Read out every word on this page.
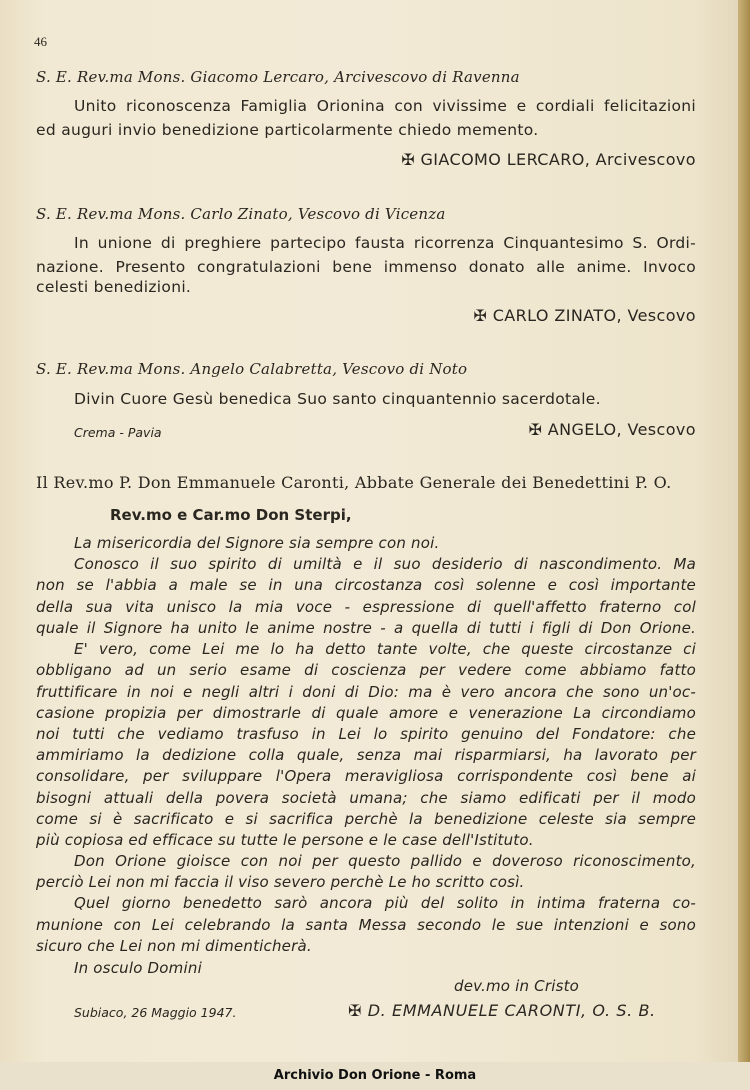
46
S. E. Rev.ma Mons. Giacomo Lercaro, Arcivescovo di Ravenna
Unito riconoscenza Famiglia Orionina con vivissime e cordiali felicitazioni
ed auguri invio benedizione particolarmente chiedo memento.
✠ GIACOMO LERCARO, Arcivescovo
S. E. Rev.ma Mons. Carlo Zinato, Vescovo di Vicenza
In unione di preghiere partecipo fausta ricorrenza Cinquantesimo S. Ordi-
nazione. Presento congratulazioni bene immenso donato alle anime. Invoco
celesti benedizioni.
✠ CARLO ZINATO, Vescovo
S. E. Rev.ma Mons. Angelo Calabretta, Vescovo di Noto
Divin Cuore Gesù benedica Suo santo cinquantennio sacerdotale.
Crema - Pavia	✠ ANGELO, Vescovo
Il Rev.mo P. Don Emmanuele Caronti, Abbate Generale dei Benedettini P. O.
Rev.mo e Car.mo Don Sterpi,
La misericordia del Signore sia sempre con noi.
Conosco il suo spirito di umiltà e il suo desiderio di nascondimento. Ma
non se l'abbia a male se in una circostanza così solenne e così importante
della sua vita unisco la mia voce - espressione di quell'affetto fraterno col
quale il Signore ha unito le anime nostre - a quella di tutti i figli di Don Orione.
E' vero, come Lei me lo ha detto tante volte, che queste circostanze ci
obbligano ad un serio esame di coscienza per vedere come abbiamo fatto
fruttificare in noi e negli altri i doni di Dio: ma è vero ancora che sono un'oc-
casione propizia per dimostrarle di quale amore e venerazione La circondiamo
noi tutti che vediamo trasfuso in Lei lo spirito genuino del Fondatore: che
ammiriamo la dedizione colla quale, senza mai risparmiarsi, ha lavorato per
consolidare, per sviluppare l'Opera meravigliosa corrispondente così bene ai
bisogni attuali della povera società umana; che siamo edificati per il modo
come si è sacrificato e si sacrifica perchè la benedizione celeste sia sempre
più copiosa ed efficace su tutte le persone e le case dell'Istituto.
Don Orione gioisce con noi per questo pallido e doveroso riconoscimento,
perciò Lei non mi faccia il viso severo perchè Le ho scritto così.
Quel giorno benedetto sarò ancora più del solito in intima fraterna co-
munione con Lei celebrando la santa Messa secondo le sue intenzioni e sono
sicuro che Lei non mi dimenticherà.
In osculo Domini
dev.mo in Cristo
Subiaco, 26 Maggio 1947.	✠ D. EMMANUELE CARONTI, O. S. B.
Archivio Don Orione - Roma
